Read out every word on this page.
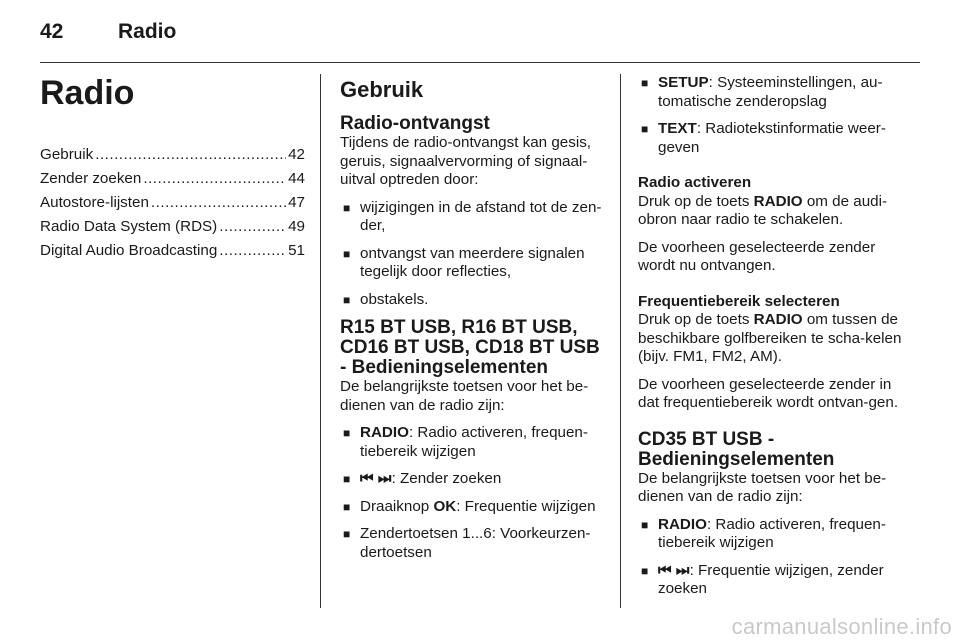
42	Radio
Radio
Gebruik .....	42
Zender zoeken .....	44
Autostore-lijsten .....	47
Radio Data System (RDS) .....	49
Digital Audio Broadcasting .....	51
Gebruik
Radio-ontvangst

Tijdens de radio-ontvangst kan gesis, geruis, signaalvervorming of signaal-uitval optreden door:

■ wijzigingen in de afstand tot de zen-der,
■ ontvangst van meerdere signalen tegelijk door reflecties,
■ obstakels.
R15 BT USB, R16 BT USB, CD16 BT USB, CD18 BT USB - Bedieningselementen

De belangrijkste toetsen voor het be-dienen van de radio zijn:

■ RADIO: Radio activeren, frequen-tiebereik wijzigen
■ ⏮ ⏭: Zender zoeken
■ Draaiknop OK: Frequentie wijzigen
■ Zendertoetsen 1...6: Voorkeurzen-dertoetsen
■ SETUP: Systeeminstellingen, au-tomatische zenderopslag
■ TEXT: Radiotekstinformatie weer-geven
Radio activeren

Druk op de toets RADIO om de audi-obron naar radio te schakelen.

De voorheen geselecteerde zender wordt nu ontvangen.

Frequentiebereik selecteren

Druk op de toets RADIO om tussen de beschikbare golfbereiken te scha-kelen (bijv. FM1, FM2, AM).

De voorheen geselecteerde zender in dat frequentiebereik wordt ontvan-gen.

CD35 BT USB - Bedieningselementen

De belangrijkste toetsen voor het be-dienen van de radio zijn:

■ RADIO: Radio activeren, frequen-tiebereik wijzigen
■ ⏮ ⏭: Frequentie wijzigen, zender zoeken
carmanualsonline.info
